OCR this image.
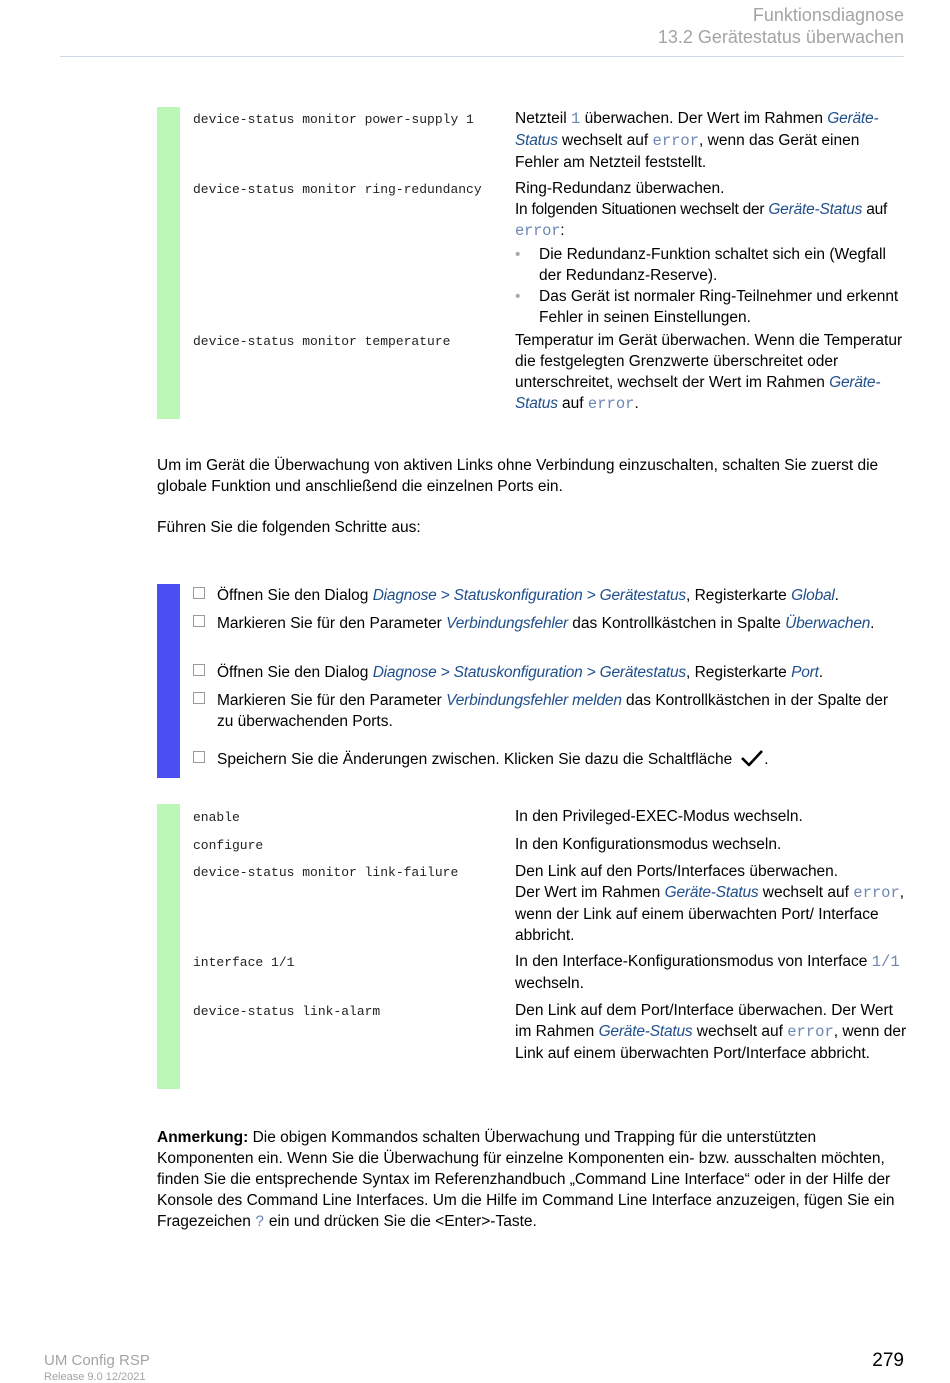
Funktionsdiagnose
13.2 Gerätestatus überwachen
device-status monitor power-supply 1	Netzteil 1 überwachen. Der Wert im Rahmen Geräte-Status wechselt auf error, wenn das Gerät einen Fehler am Netzteil feststellt.
device-status monitor ring-redundancy Ring-Redundanz überwachen.
In folgenden Situationen wechselt der Geräte-Status auf error:
• Die Redundanz-Funktion schaltet sich ein (Wegfall der Redundanz-Reserve).
• Das Gerät ist normaler Ring-Teilnehmer und erkennt Fehler in seinen Einstellungen.
device-status monitor temperature	Temperatur im Gerät überwachen. Wenn die Temperatur die festgelegten Grenzwerte überschreitet oder unterschreitet, wechselt der Wert im Rahmen Geräte-Status auf error.
Um im Gerät die Überwachung von aktiven Links ohne Verbindung einzuschalten, schalten Sie zuerst die globale Funktion und anschließend die einzelnen Ports ein.
Führen Sie die folgenden Schritte aus:
Öffnen Sie den Dialog Diagnose > Statuskonfiguration > Gerätestatus, Registerkarte Global.
Markieren Sie für den Parameter Verbindungsfehler das Kontrollkästchen in Spalte Überwachen.
Öffnen Sie den Dialog Diagnose > Statuskonfiguration > Gerätestatus, Registerkarte Port.
Markieren Sie für den Parameter Verbindungsfehler melden das Kontrollkästchen in der Spalte der zu überwachenden Ports.
Speichern Sie die Änderungen zwischen. Klicken Sie dazu die Schaltfläche .
enable	In den Privileged-EXEC-Modus wechseln.
configure	In den Konfigurationsmodus wechseln.
device-status monitor link-failure	Den Link auf den Ports/Interfaces überwachen.
Der Wert im Rahmen Geräte-Status wechselt auf error, wenn der Link auf einem überwachten Port/ Interface abbricht.
interface 1/1	In den Interface-Konfigurationsmodus von Interface 1/1 wechseln.
device-status link-alarm	Den Link auf dem Port/Interface überwachen. Der Wert im Rahmen Geräte-Status wechselt auf error, wenn der Link auf einem überwachten Port/Interface abbricht.
Anmerkung: Die obigen Kommandos schalten Überwachung und Trapping für die unterstützten Komponenten ein. Wenn Sie die Überwachung für einzelne Komponenten ein- bzw. ausschalten möchten, finden Sie die entsprechende Syntax im Referenzhandbuch „Command Line Interface“ oder in der Hilfe der Konsole des Command Line Interfaces. Um die Hilfe im Command Line Interface anzuzeigen, fügen Sie ein Fragezeichen ? ein und drücken Sie die <Enter>-Taste.
UM Config RSP
Release 9.0 12/2021
279
